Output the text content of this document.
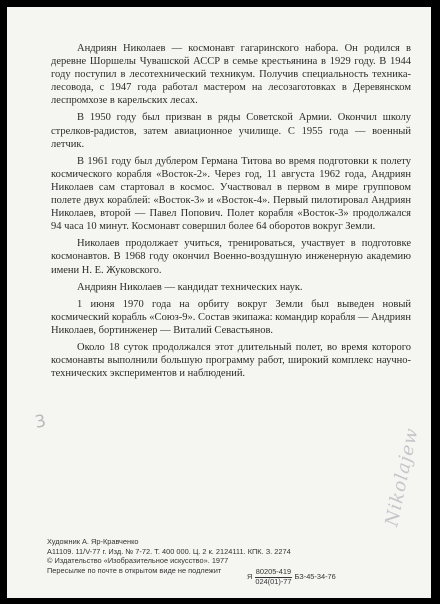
Андриян Николаев — космонавт гагаринского набора. Он родился в деревне Шоршелы Чувашской АССР в семье крестьянина в 1929 году. В 1944 году поступил в лесотехнический техникум. Получив специальность техника-лесовода, с 1947 года работал мастером на лесозаготовках в Деревянском леспромхозе в карельских лесах.

В 1950 году был призван в ряды Советской Армии. Окончил школу стрелков-радистов, затем авиационное училище. С 1955 года — военный летчик.

В 1961 году был дублером Германа Титова во время подготовки к полету космического корабля «Восток-2». Через год, 11 августа 1962 года, Андриян Николаев сам стартовал в космос. Участвовал в первом в мире групповом полете двух кораблей: «Восток-3» и «Восток-4». Первый пилотировал Андриян Николаев, второй — Павел Попович. Полет корабля «Восток-3» продолжался 94 часа 10 минут. Космонавт совершил более 64 оборотов вокруг Земли.

Николаев продолжает учиться, тренироваться, участвует в подготовке космонавтов. В 1968 году окончил Военно-воздушную инженерную академию имени Н. Е. Жуковского.

Андриян Николаев — кандидат технических наук.

1 июня 1970 года на орбиту вокруг Земли был выведен новый космический корабль «Союз-9». Состав экипажа: командир корабля — Андриян Николаев, бортинженер — Виталий Севастьянов.

Около 18 суток продолжался этот длительный полет, во время которого космонавты выполнили большую программу работ, широкий комплекс научно-технических экспериментов и наблюдений.

3
Nikolajew
Художник А. Яр-Кравченко
А11109. 11/V-77 г. Изд. № 7-72. Т. 400 000. Ц. 2 к. 2124111. КПК. З. 2274
© Издательство «Изобразительное искусство». 1977
Пересылке по почте в открытом виде не подлежит
Я $\frac{80205-419}{024(01)-77} БЗ-45-34-76$
